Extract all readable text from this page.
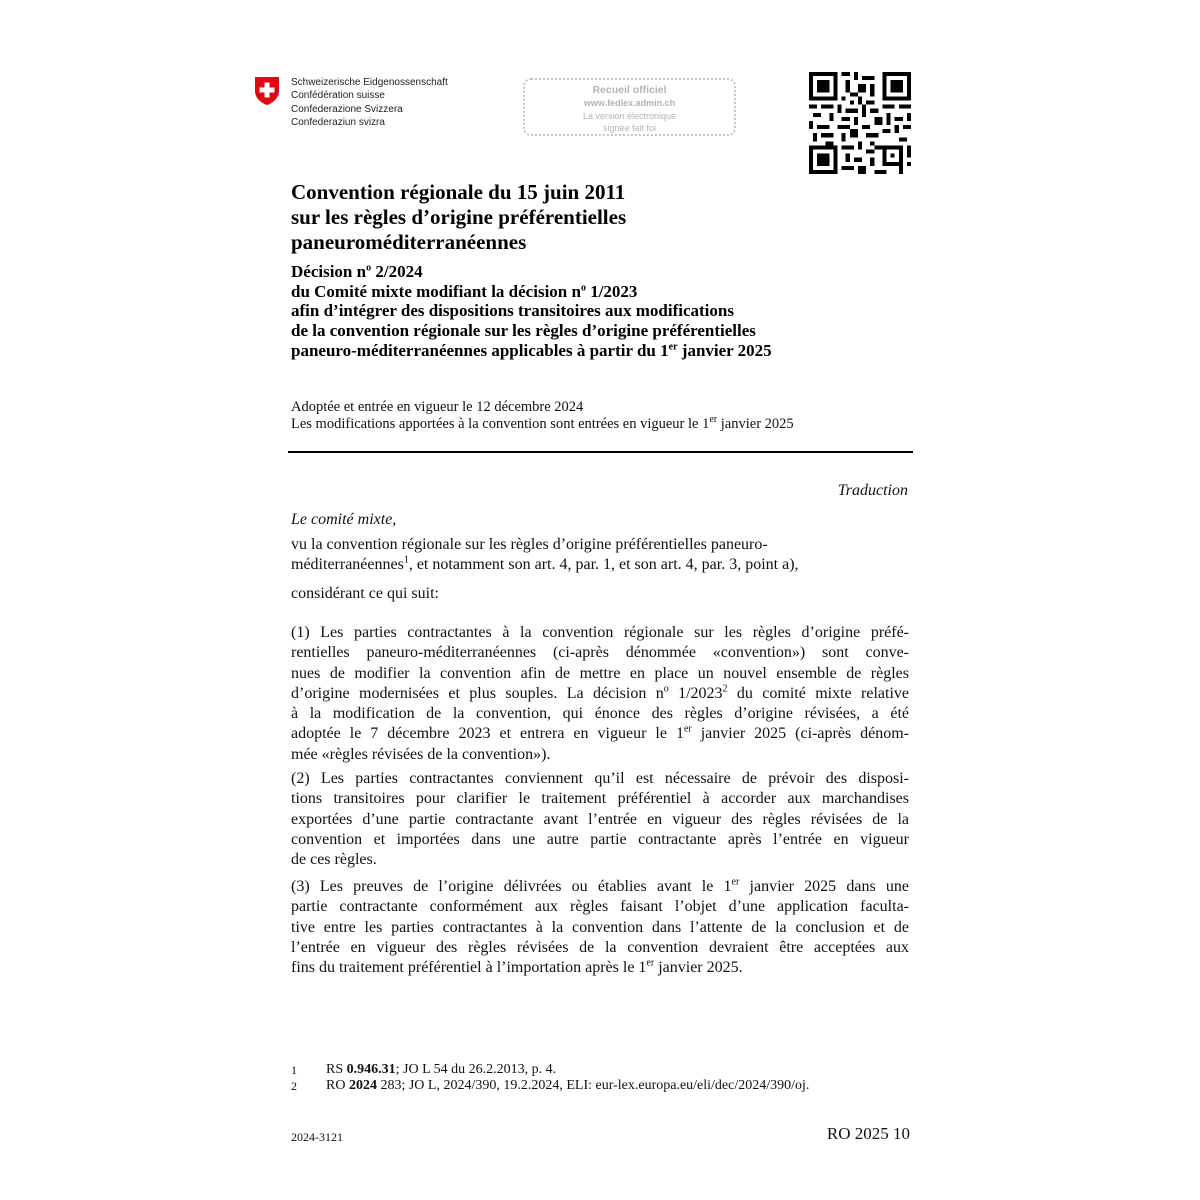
Schweizerische Eidgenossenschaft
Confédération suisse
Confederazione Svizzera
Confederaziun svizra
Recueil officiel
www.fedlex.admin.ch
La version électronique
signée fait foi
Convention régionale du 15 juin 2011
sur les règles d’origine préférentielles
paneuroméditerranéennes
Décision $n^o$ 2/2024
du Comité mixte modifiant la décision $n^o$ 1/2023
afin d’intégrer des dispositions transitoires aux modifications
de la convention régionale sur les règles d’origine préférentielles
paneuro-méditerranéennes applicables à partir du 1er janvier 2025
Adoptée et entrée en vigueur le 12 décembre 2024
Les modifications apportées à la convention sont entrées en vigueur le 1er janvier 2025
Traduction
Le comité mixte,
vu la convention régionale sur les règles d’origine préférentielles paneuro-
méditerranéennes$^1$, et notamment son art. 4, par. 1, et son art. 4, par. 3, point a),
considérant ce qui suit:
(1) Les parties contractantes à la convention régionale sur les règles d’origine préfé-
rentielles paneuro-méditerranéennes (ci-après dénommée «convention») sont conve-
nues de modifier la convention afin de mettre en place un nouvel ensemble de règles
d’origine modernisées et plus souples. La décision $n^o$ 1/2023$^2$ du comité mixte relative
à la modification de la convention, qui énonce des règles d’origine révisées, a été
adoptée le 7 décembre 2023 et entrera en vigueur le 1er janvier 2025 (ci-après dénom-
mée «règles révisées de la convention»).
(2) Les parties contractantes conviennent qu’il est nécessaire de prévoir des disposi-
tions transitoires pour clarifier le traitement préférentiel à accorder aux marchandises
exportées d’une partie contractante avant l’entrée en vigueur des règles révisées de la
convention et importées dans une autre partie contractante après l’entrée en vigueur
de ces règles.
(3) Les preuves de l’origine délivrées ou établies avant le 1er janvier 2025 dans une
partie contractante conformément aux règles faisant l’objet d’une application facultа-
tive entre les parties contractantes à la convention dans l’attente de la conclusion et de
l’entrée en vigueur des règles révisées de la convention devraient être acceptées aux
fins du traitement préférentiel à l’importation après le 1er janvier 2025.
1	RS 0.946.31; JO L 54 du 26.2.2013, p. 4.
2	RO 2024 283; JO L, 2024/390, 19.2.2024, ELI: eur-lex.europa.eu/eli/dec/2024/390/oj.
2024-3121	RO 2025 10
